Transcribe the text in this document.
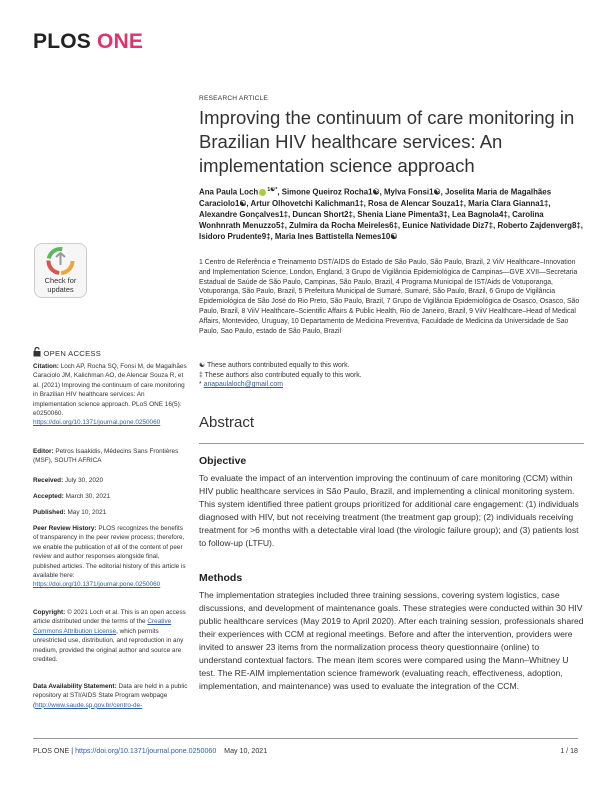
PLOS ONE
RESEARCH ARTICLE
Improving the continuum of care monitoring in Brazilian HIV healthcare services: An implementation science approach
Ana Paula Loch $^{1☯*}$, Simone Queiroz Rocha1☯, Mylva Fonsi1☯, Joselita Maria de Magalhães Caraciolo1☯, Artur Olhovetchi Kalichman1‡, Rosa de Alencar Souza1‡, Maria Clara Gianna1‡, Alexandre Gonçalves1‡, Duncan Short2‡, Shenia Liane Pimenta3‡, Lea Bagnola4‡, Carolina Wonhnrath Menuzzo5‡, Zulmira da Rocha Meireles6‡, Eunice Natividade Diz7‡, Roberto Zajdenverg8‡, Isidoro Prudente9‡, Maria Ines Battistella Nemes10☯
1 Centro de Referência e Treinamento DST/AIDS do Estado de São Paulo, São Paulo, Brazil, 2 ViiV Healthcare–Innovation and Implementation Science, London, England, 3 Grupo de Vigilância Epidemiológica de Campinas—GVE XVII—Secretaria Estadual de Saúde de São Paulo, Campinas, São Paulo, Brazil, 4 Programa Municipal de IST/Aids de Votuporanga, Votuporanga, São Paulo, Brazil, 5 Prefeitura Municipal de Sumaré, Sumaré, São Paulo, Brazil, 6 Grupo de Vigilância Epidemiológica de São José do Rio Preto, São Paulo, Brazil, 7 Grupo de Vigilância Epidemiológica de Osasco, Osasco, São Paulo, Brazil, 8 ViiV Healthcare–Scientific Affairs & Public Health, Rio de Janeiro, Brazil, 9 ViiV Healthcare–Head of Medical Affairs, Montevideo, Uruguay, 10 Departamento de Medicina Preventiva, Faculdade de Medicina da Universidade de Sao Paulo, Sao Paulo, estado de São Paulo, Brazil
☯ These authors contributed equally to this work.
‡ These authors also contributed equally to this work.
* anapaulaloch@gmail.com
Abstract
Objective
To evaluate the impact of an intervention improving the continuum of care monitoring (CCM) within HIV public healthcare services in São Paulo, Brazil, and implementing a clinical monitoring system. This system identified three patient groups prioritized for additional care engagement: (1) individuals diagnosed with HIV, but not receiving treatment (the treatment gap group); (2) individuals receiving treatment for >6 months with a detectable viral load (the virologic failure group); and (3) patients lost to follow-up (LTFU).
Methods
The implementation strategies included three training sessions, covering system logistics, case discussions, and development of maintenance goals. These strategies were conducted within 30 HIV public healthcare services (May 2019 to April 2020). After each training session, professionals shared their experiences with CCM at regional meetings. Before and after the intervention, providers were invited to answer 23 items from the normalization process theory questionnaire (online) to understand contextual factors. The mean item scores were compared using the Mann–Whitney U test. The RE-AIM implementation science framework (evaluating reach, effectiveness, adoption, implementation, and maintenance) was used to evaluate the integration of the CCM.
Check for
updates
OPEN ACCESS
Citation: Loch AP, Rocha SQ, Fonsi M, de Magalhães Caraciolo JM, Kalichman AO, de Alencar Souza R, et al. (2021) Improving the continuum of care monitoring in Brazilian HIV healthcare services: An implementation science approach. PLoS ONE 16(5): e0250060. https://doi.org/10.1371/journal.pone.0250060
Editor: Petros Isaakidis, Médecins Sans Frontières (MSF), SOUTH AFRICA
Received: July 30, 2020
Accepted: March 30, 2021
Published: May 10, 2021
Peer Review History: PLOS recognizes the benefits of transparency in the peer review process; therefore, we enable the publication of all of the content of peer review and author responses alongside final, published articles. The editorial history of this article is available here: https://doi.org/10.1371/journal.pone.0250060
Copyright: © 2021 Loch et al. This is an open access article distributed under the terms of the Creative Commons Attribution License, which permits unrestricted use, distribution, and reproduction in any medium, provided the original author and source are credited.
Data Availability Statement: Data are held in a public repository at STI/AIDS State Program webpage (http://www.saude.sp.gov.br/centro-de-
PLOS ONE | https://doi.org/10.1371/journal.pone.0250060 May 10, 2021	1 / 18
